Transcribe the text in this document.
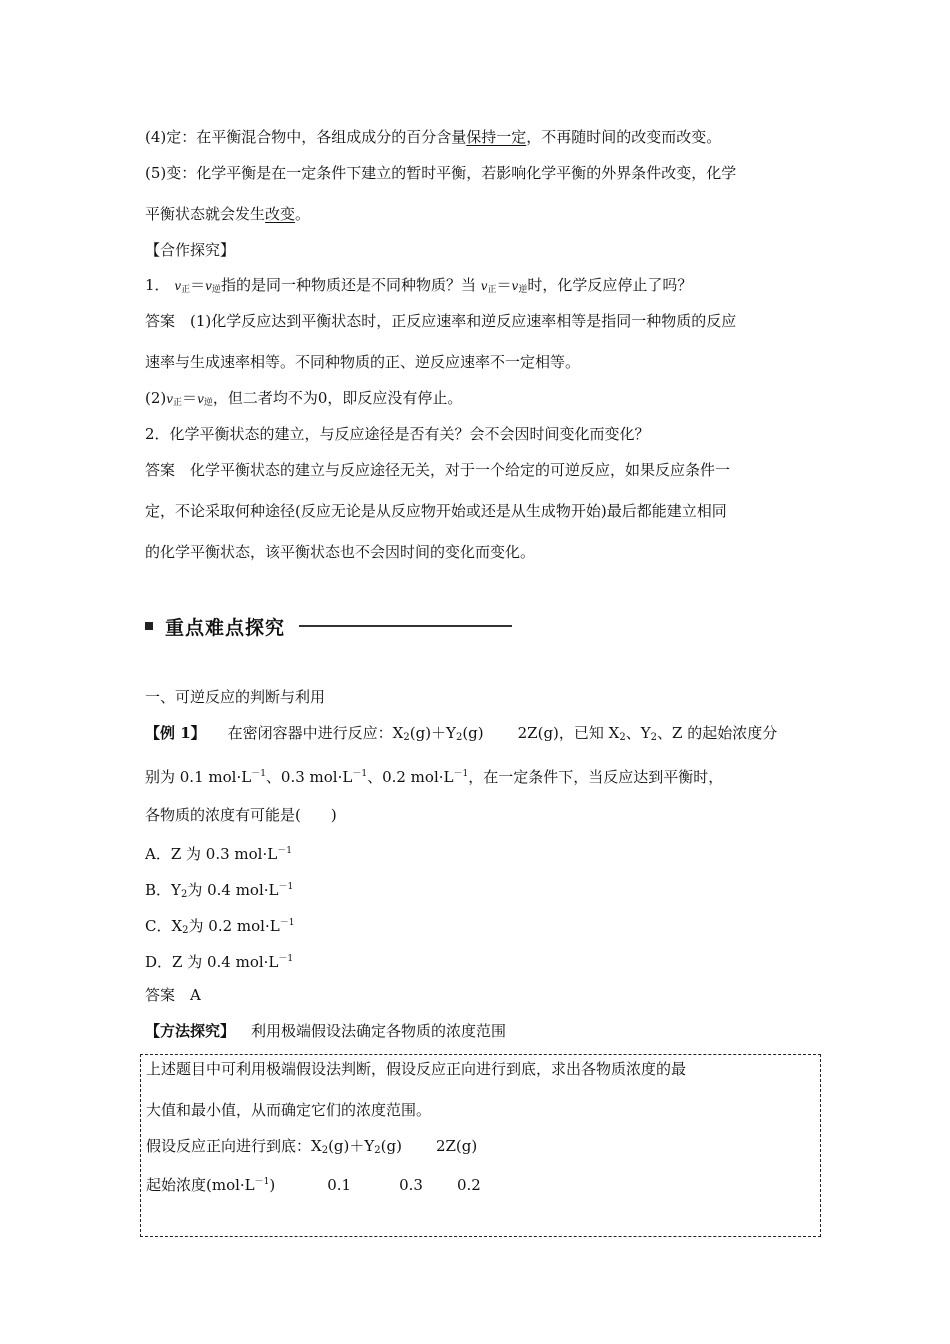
(4)定：在平衡混合物中，各组成成分的百分含量保持一定，不再随时间的改变而改变。
(5)变：化学平衡是在一定条件下建立的暂时平衡，若影响化学平衡的外界条件改变，化学
平衡状态就会发生改变。
【合作探究】
1． v正＝v逆指的是同一种物质还是不同种物质？当 v正＝v逆时，化学反应停止了吗？
答案　(1)化学反应达到平衡状态时，正反应速率和逆反应速率相等是指同一种物质的反应
速率与生成速率相等。不同种物质的正、逆反应速率不一定相等。
(2)v正＝v逆，但二者均不为0，即反应没有停止。
2．化学平衡状态的建立，与反应途径是否有关？会不会因时间变化而变化？
答案　化学平衡状态的建立与反应途径无关，对于一个给定的可逆反应，如果反应条件一
定，不论采取何种途径(反应无论是从反应物开始或还是从生成物开始)最后都能建立相同
的化学平衡状态，该平衡状态也不会因时间的变化而变化。
重点难点探究
一、可逆反应的判断与利用
【例 1】 在密闭容器中进行反应：$X_2(g)+Y_2(g)$ 2Z(g)，已知 $X_2$、$Y_2$、Z 的起始浓度分
别为 0.1 $mol\cdot L^{-1}$、0.3 $mol\cdot L^{-1}$、0.2 $mol\cdot L^{-1}$，在一定条件下，当反应达到平衡时，
各物质的浓度有可能是(　　)
A．Z 为 0.3 $mol\cdot L^{-1}$
B．$Y_2$为 0.4 $mol\cdot L^{-1}$
C．$X_2$为 0.2 $mol\cdot L^{-1}$
D．Z 为 0.4 $mol\cdot L^{-1}$
答案　A
【方法探究】 利用极端假设法确定各物质的浓度范围
上述题目中可利用极端假设法判断，假设反应正向进行到底，求出各物质浓度的最
大值和最小值，从而确定它们的浓度范围。
假设反应正向进行到底：$X_2(g)+Y_2(g)$ 2Z(g)
起始浓度$(mol\cdot L^{-1})$	0.1	0.3 0.2
